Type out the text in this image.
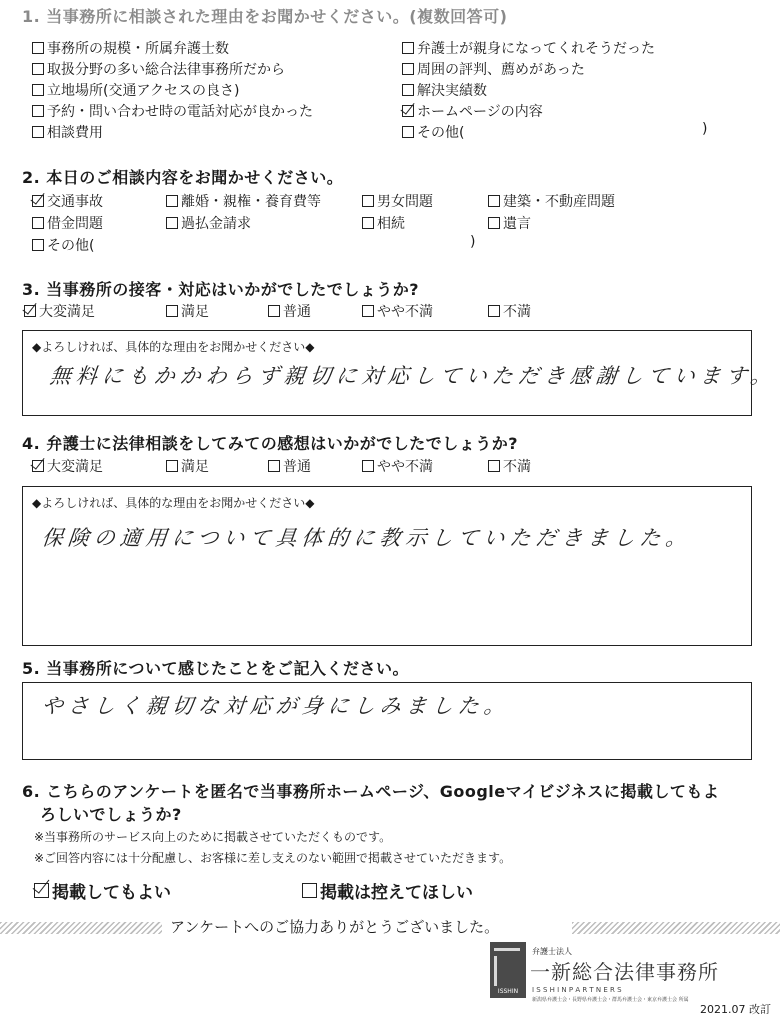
1. 当事務所に相談された理由をお聞かせください。(複数回答可)
事務所の規模・所属弁護士数
取扱分野の多い総合法律事務所だから
立地場所(交通アクセスの良さ)
予約・問い合わせ時の電話対応が良かった
相談費用
弁護士が親身になってくれそうだった
周囲の評判、薦めがあった
解決実績数
ホームページの内容
その他(	)
2. 本日のご相談内容をお聞かせください。
交通事故	離婚・親権・養育費等	男女問題	建築・不動産問題
借金問題	過払金請求	相続	遺言
その他(	)
3. 当事務所の接客・対応はいかがでしたでしょうか?
大変満足	満足	普通	やや不満	不満
◆よろしければ、具体的な理由をお聞かせください◆
無料にもかかわらず親切に対応していただき感謝しています。
4. 弁護士に法律相談をしてみての感想はいかがでしたでしょうか?
大変満足	満足	普通	やや不満	不満
◆よろしければ、具体的な理由をお聞かせください◆
保険の適用について具体的に教示していただきました。
5. 当事務所について感じたことをご記入ください。
やさしく親切な対応が身にしみました。
6. こちらのアンケートを匿名で当事務所ホームページ、Googleマイビジネスに掲載してもよ
ろしいでしょうか?
※当事務所のサービス向上のために掲載させていただくものです。
※ご回答内容には十分配慮し、お客様に差し支えのない範囲で掲載させていただきます。
掲載してもよい	掲載は控えてほしい
アンケートへのご協力ありがとうございました。
ISSHIN
弁護士法人
一新総合法律事務所
I S S H I N P A R T N E R S
新潟県弁護士会・長野県弁護士会・群馬弁護士会・東京弁護士会 所属
2021.07 改訂
